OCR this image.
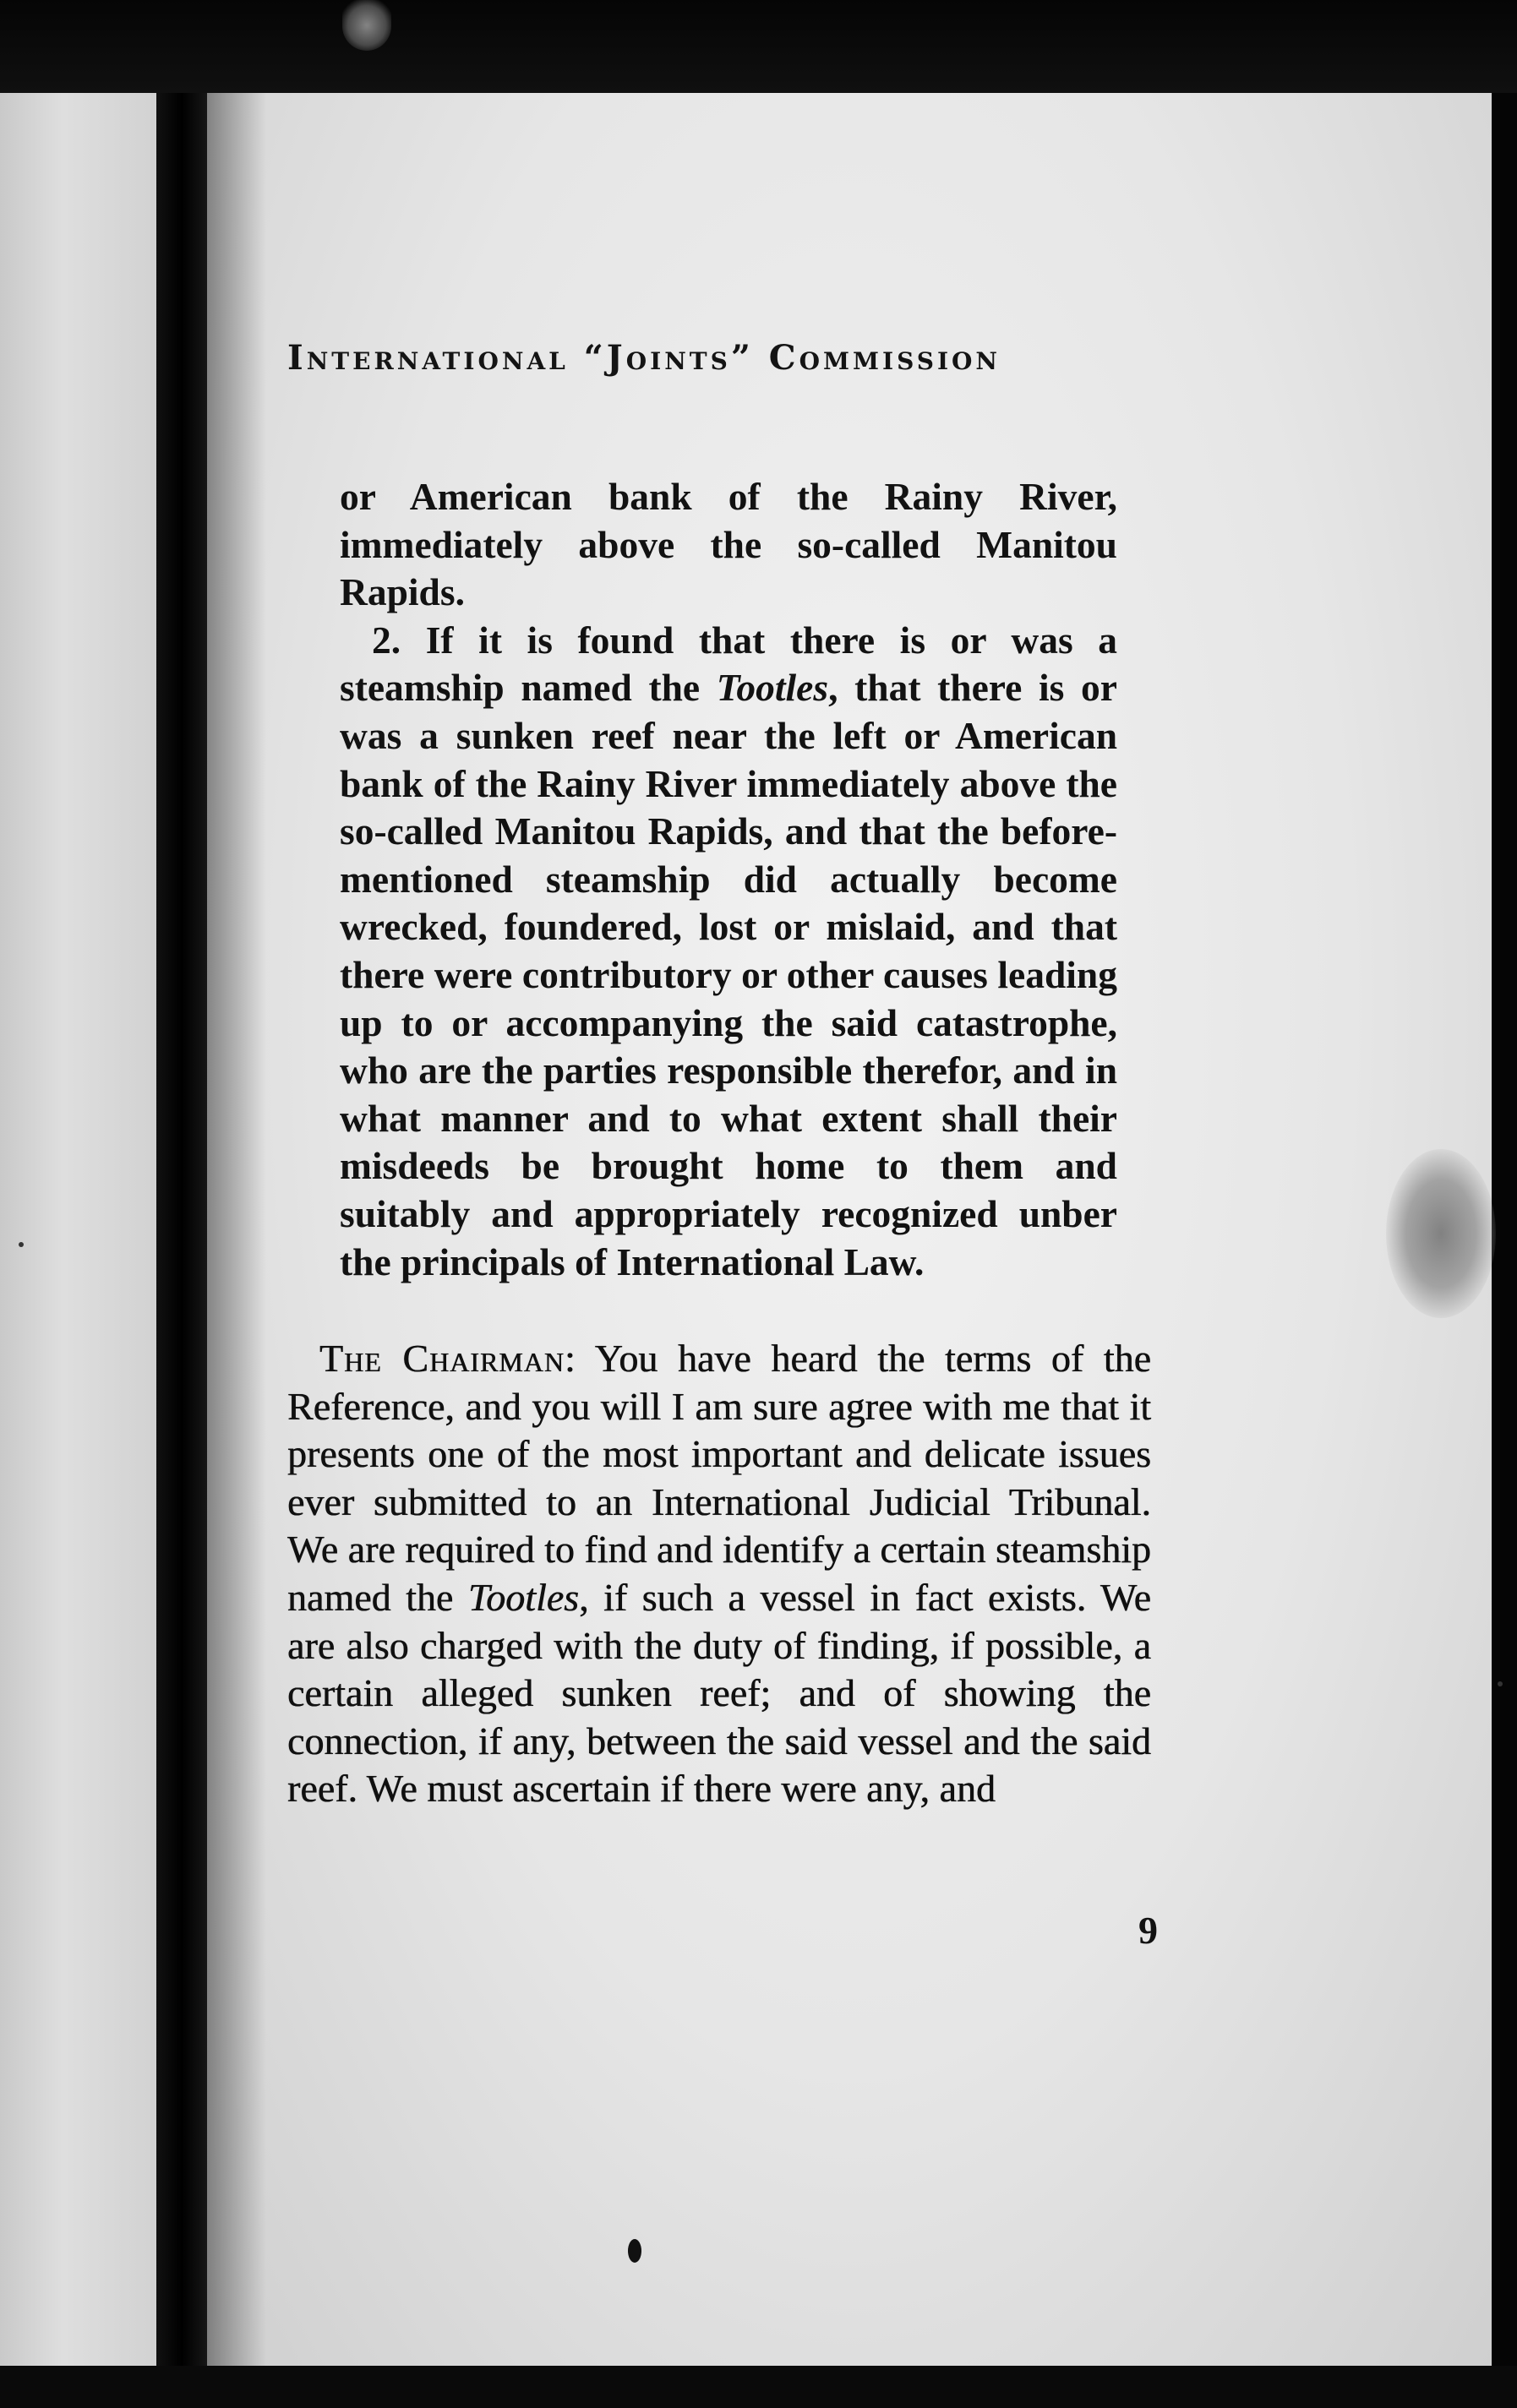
International “Joints” Commission

or American bank of the Rainy River, immediately above the so-called Manitou Rapids.

2. If it is found that there is or was a steamship named the Tootles, that there is or was a sunken reef near the left or American bank of the Rainy River immediately above the so-called Manitou Rapids, and that the before-mentioned steamship did actually become wrecked, foundered, lost or mislaid, and that there were contributory or other causes leading up to or accompanying the said catastrophe, who are the parties responsible therefor, and in what manner and to what extent shall their misdeeds be brought home to them and suitably and appropriately recognized unber the principals of International Law.

The Chairman: You have heard the terms of the Reference, and you will I am sure agree with me that it presents one of the most important and delicate issues ever submitted to an International Judicial Tribunal. We are required to find and identify a certain steamship named the Tootles, if such a vessel in fact exists. We are also charged with the duty of finding, if possible, a certain alleged sunken reef; and of showing the connection, if any, between the said vessel and the said reef. We must ascertain if there were any, and

9
